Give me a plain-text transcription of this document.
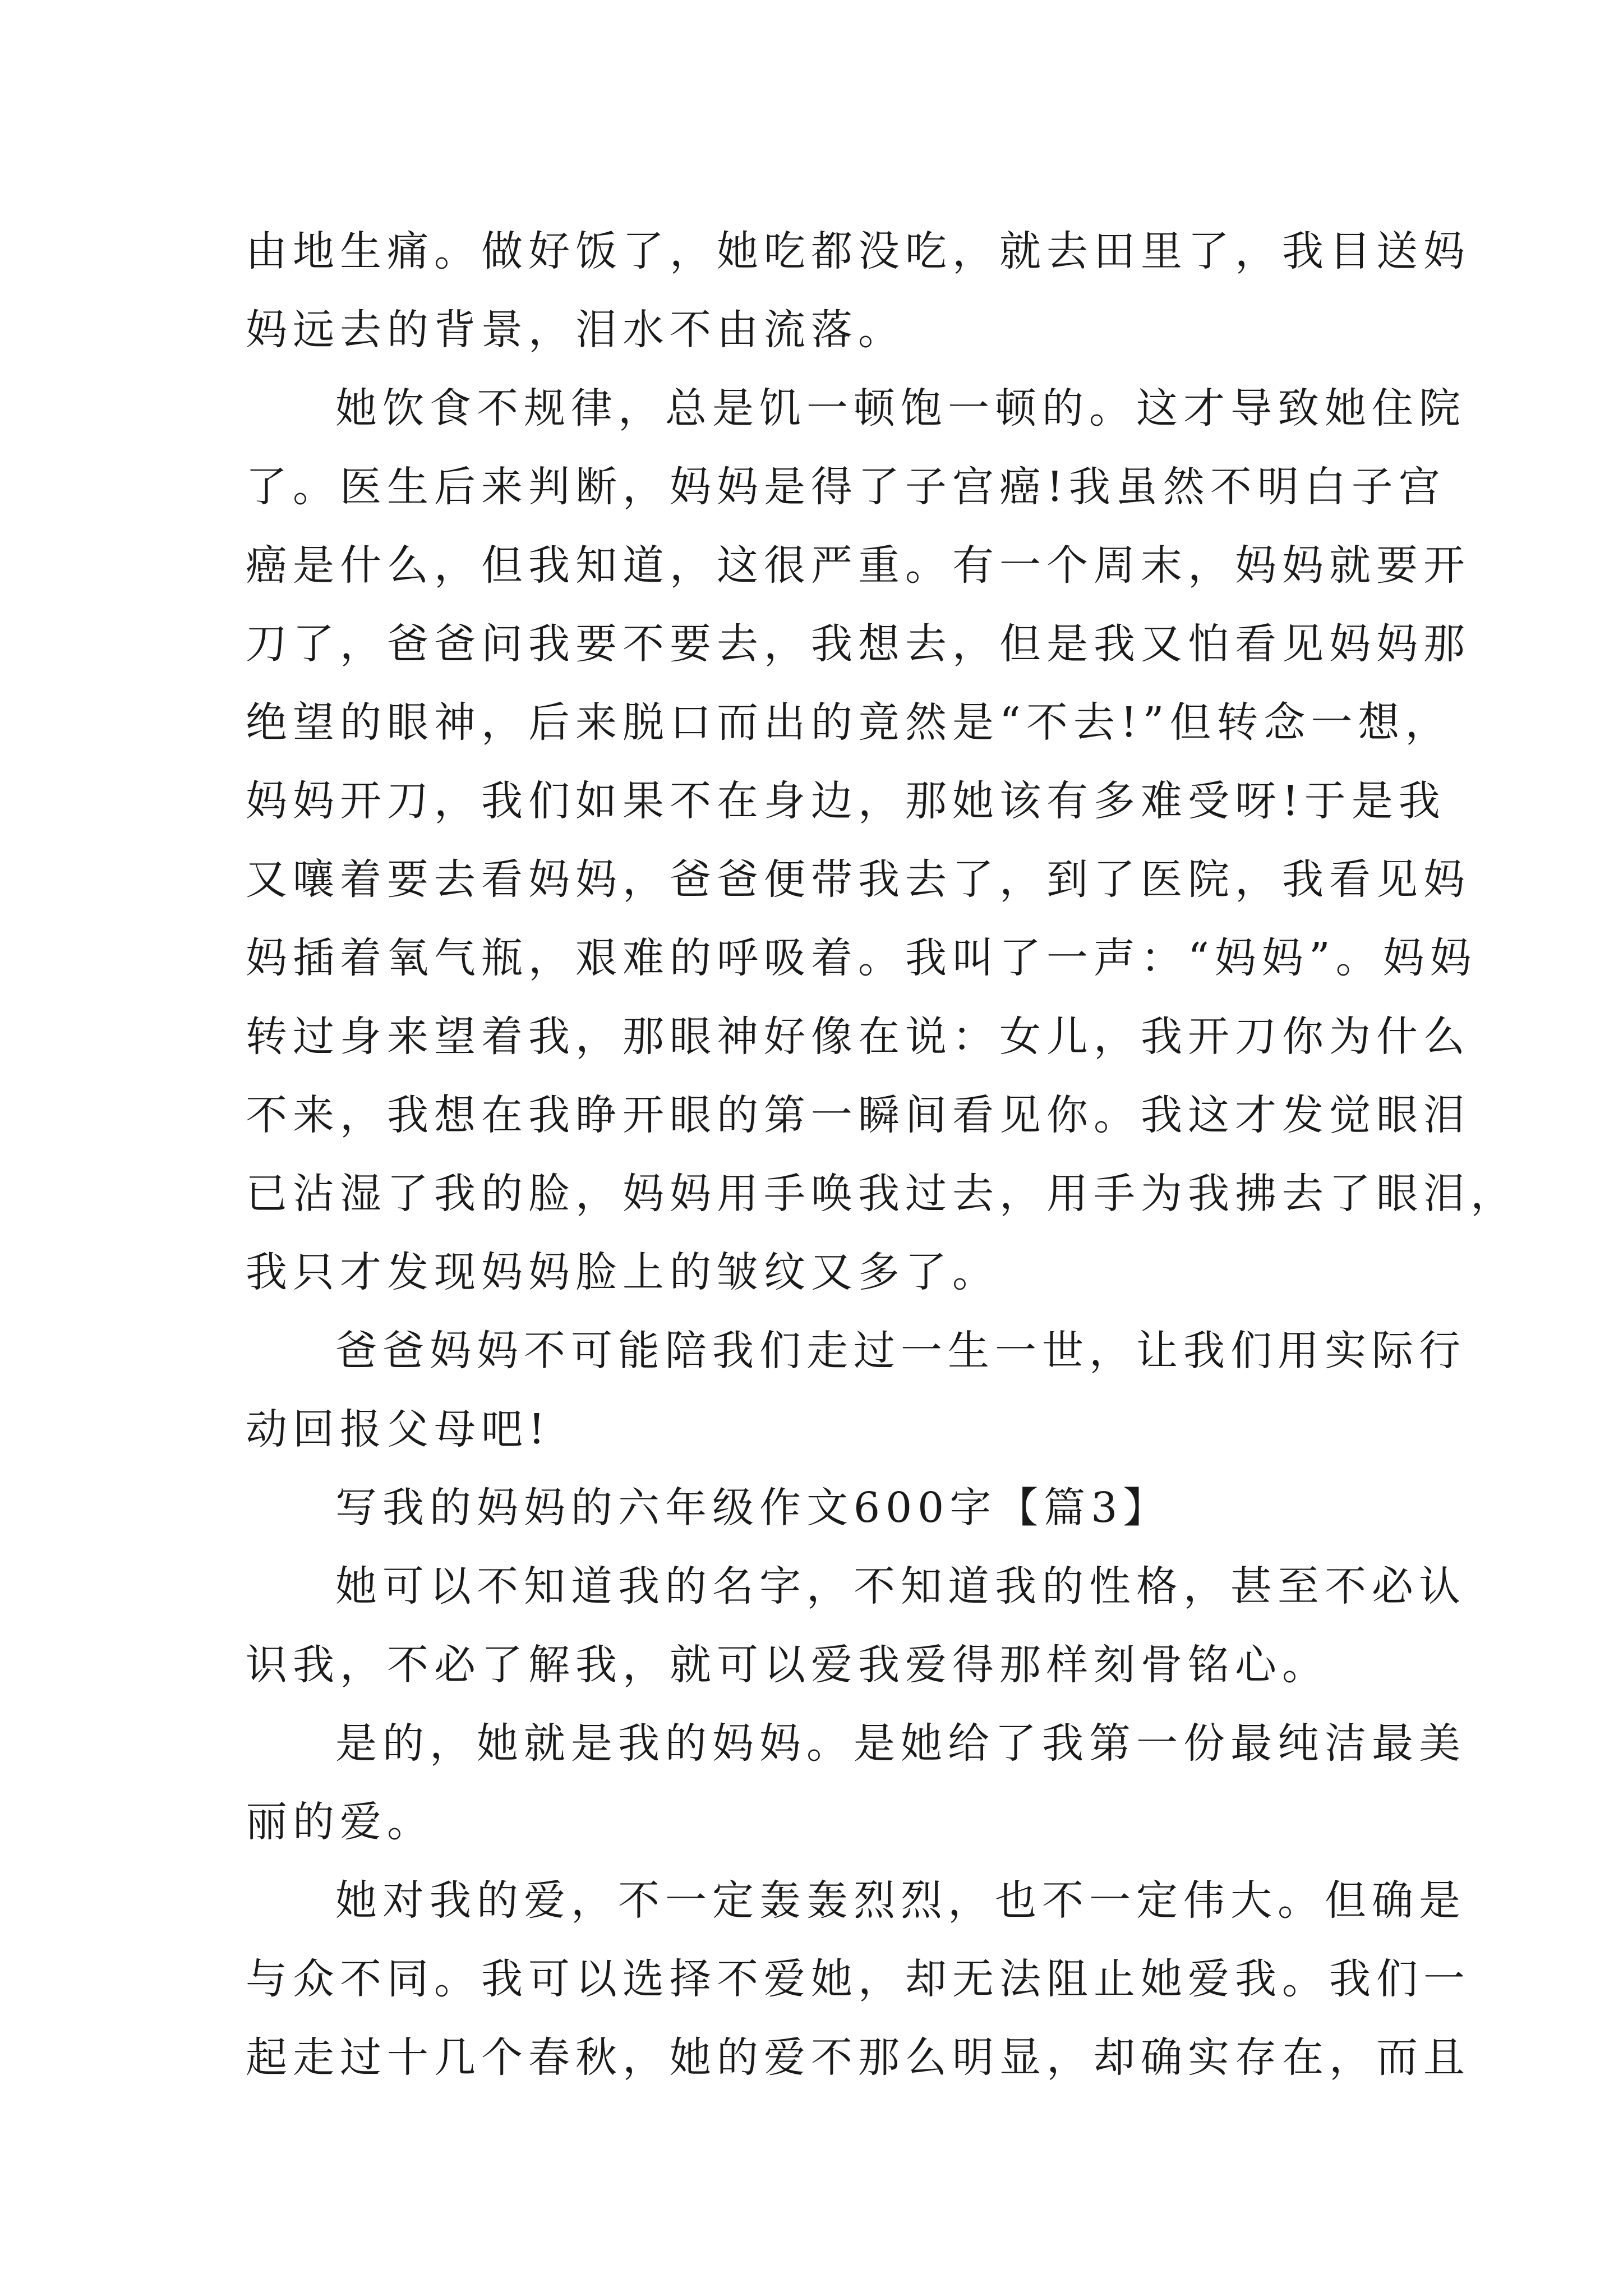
由地生痛。做好饭了，她吃都没吃，就去田里了，我目送妈
妈远去的背景，泪水不由流落。
她饮食不规律，总是饥一顿饱一顿的。这才导致她住院
了。医生后来判断，妈妈是得了子宫癌!我虽然不明白子宫
癌是什么，但我知道，这很严重。有一个周末，妈妈就要开
刀了，爸爸问我要不要去，我想去，但是我又怕看见妈妈那
绝望的眼神，后来脱口而出的竟然是“不去!”但转念一想，
妈妈开刀，我们如果不在身边，那她该有多难受呀!于是我
又嚷着要去看妈妈，爸爸便带我去了，到了医院，我看见妈
妈插着氧气瓶，艰难的呼吸着。我叫了一声：“妈妈”。妈妈
转过身来望着我，那眼神好像在说：女儿，我开刀你为什么
不来，我想在我睁开眼的第一瞬间看见你。我这才发觉眼泪
已沾湿了我的脸，妈妈用手唤我过去，用手为我拂去了眼泪，
我只才发现妈妈脸上的皱纹又多了。
爸爸妈妈不可能陪我们走过一生一世，让我们用实际行
动回报父母吧!
写我的妈妈的六年级作文600字【篇3】
她可以不知道我的名字，不知道我的性格，甚至不必认
识我，不必了解我，就可以爱我爱得那样刻骨铭心。
是的，她就是我的妈妈。是她给了我第一份最纯洁最美
丽的爱。
她对我的爱，不一定轰轰烈烈，也不一定伟大。但确是
与众不同。我可以选择不爱她，却无法阻止她爱我。我们一
起走过十几个春秋，她的爱不那么明显，却确实存在，而且
